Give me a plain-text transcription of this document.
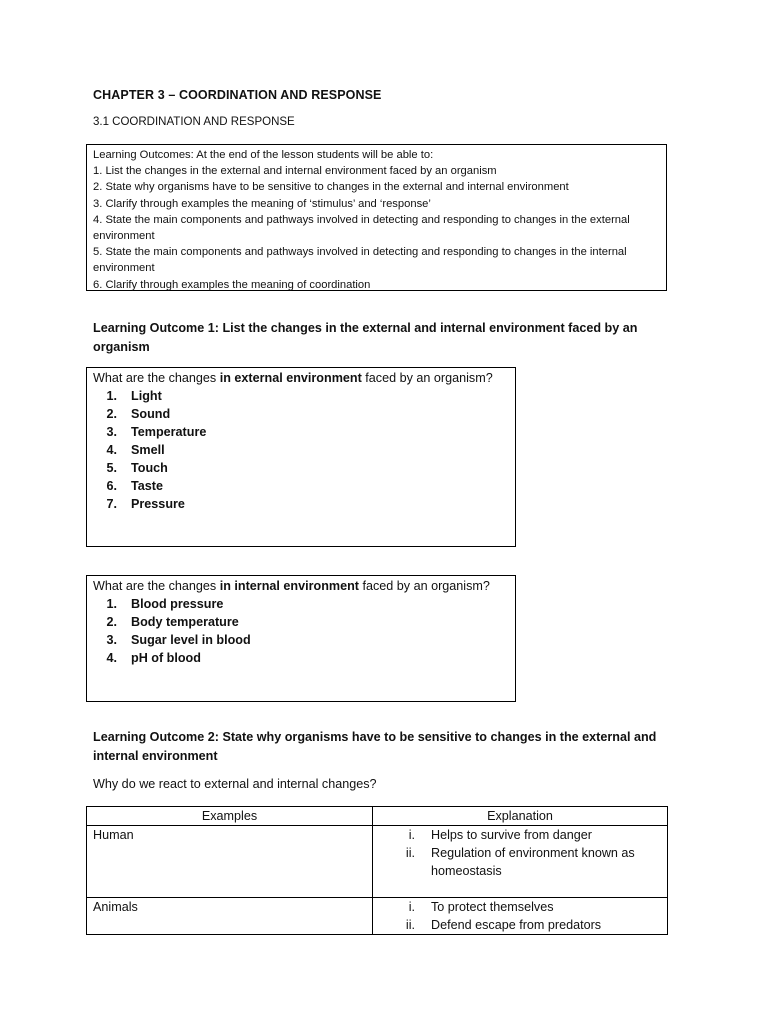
CHAPTER 3 – COORDINATION AND RESPONSE
3.1 COORDINATION AND RESPONSE

Learning Outcomes: At the end of the lesson students will be able to:

1. List the changes in the external and internal environment faced by an organism

2. State why organisms have to be sensitive to changes in the external and internal environment

3. Clarify through examples the meaning of ‘stimulus’ and ‘response’

4. State the main components and pathways involved in detecting and responding to changes in the external environment

5. State the main components and pathways involved in detecting and responding to changes in the internal environment

6. Clarify through examples the meaning of coordination

Learning Outcome 1: List the changes in the external and internal environment faced by an organism

What are the changes in external environment faced by an organism?

1. Light
2. Sound
3. Temperature
4. Smell
5. Touch
6. Taste
7. Pressure

What are the changes in internal environment faced by an organism?

1. Blood pressure
2. Body temperature
3. Sugar level in blood
4. pH of blood
Learning Outcome 2: State why organisms have to be sensitive to changes in the external and internal environment
Why do we react to external and internal changes?
Examples	Explanation
Human	i. Helps to survive from danger
ii. Regulation of environment known as homeostasis

Animals	i. To protect themselves
ii. Defend escape from predators
